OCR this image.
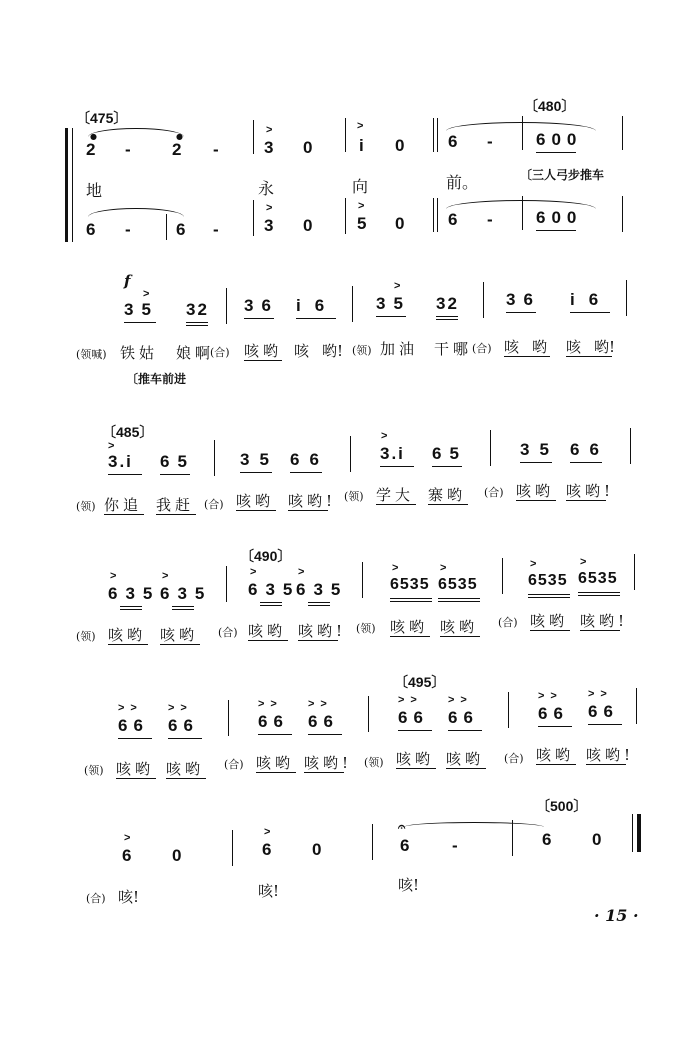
〔475〕
〔480〕
2
●
- 2
●
-
>
3 0
>
i 0	6 - 600
地	永	向	前。	〔三人弓步推车
6 -	6 -
>
3 0
>
5 0	6 - 600
f
>
35 32 36 i6
>
35 32	36 i6
(领喊) 铁姑 娘啊
(合) 咳哟 咳 哟! (领) 加油 干哪 (合) 咳 哟 咳 哟!
〔推车前进
〔485〕
>
3.i 65	35 66
>
3.i 65	35 66
(领) 你追 我赶 (合) 咳哟 咳哟! (领) 学大 寨哟 (合) 咳哟 咳哟!
〔490〕
>
635
>
635
>
635
>
635
>
6535
>
6535
>
6535
>
6535
(领) 咳哟 咳哟 (合) 咳哟 咳哟! (领) 咳哟 咳哟 (合) 咳哟 咳哟!
〔495〕
>>
66
>>
66
>>
66
>>
66
>>
66
>>
66
>>
66
>>
66
(领) 咳哟 咳哟 (合) 咳哟 咳哟! (领) 咳哟 咳哟 (合) 咳哟 咳哟!
〔500〕
>
6 0
>
6 0
𝄐
6 -	6 0
(合) 咳!	咳!	咳!
· 15 ·
